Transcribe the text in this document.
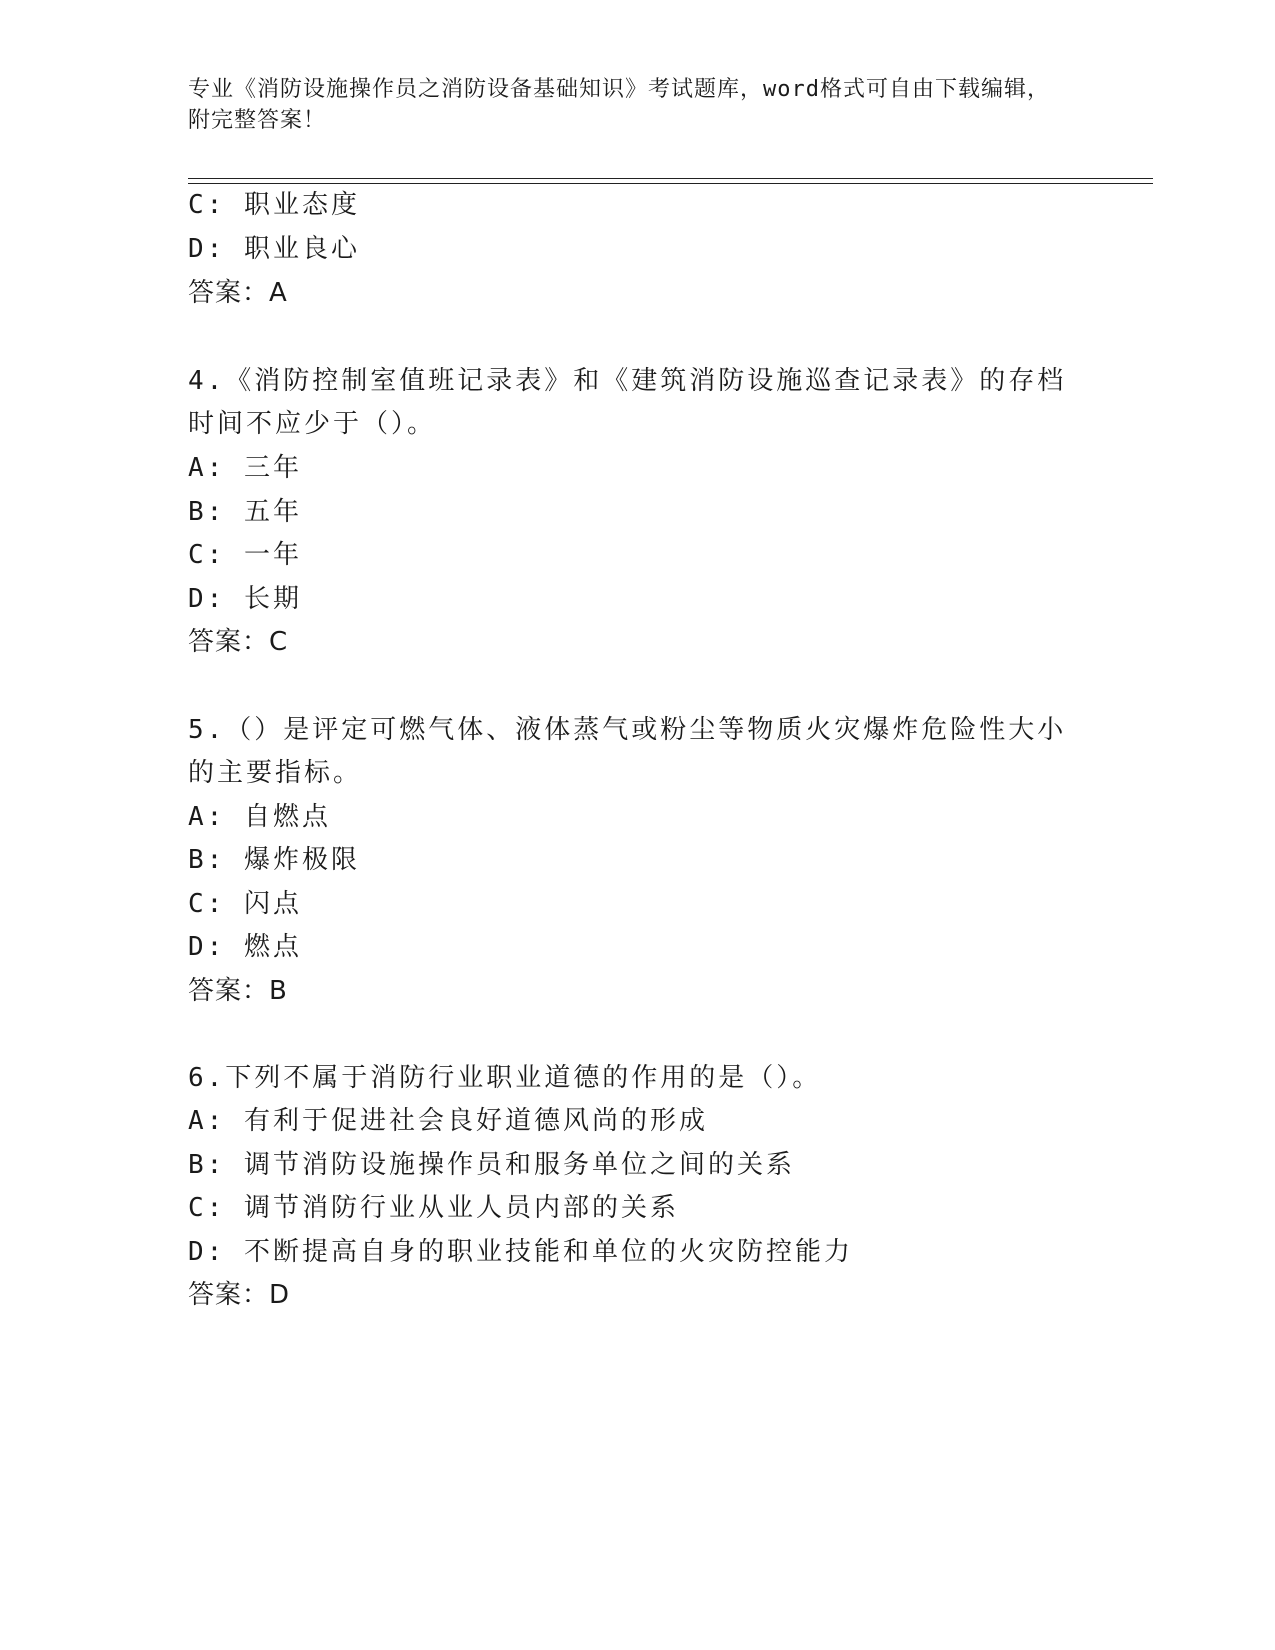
专业《消防设施操作员之消防设备基础知识》考试题库，word格式可自由下载编辑，附完整答案！
C: 职业态度
D: 职业良心
答案：A
4.《消防控制室值班记录表》和《建筑消防设施巡查记录表》的存档
时间不应少于（）。
A: 三年
B: 五年
C: 一年
D: 长期
答案：C
5.（）是评定可燃气体、液体蒸气或粉尘等物质火灾爆炸危险性大小
的主要指标。
A: 自燃点
B: 爆炸极限
C: 闪点
D: 燃点
答案：B
6.下列不属于消防行业职业道德的作用的是（）。
A: 有利于促进社会良好道德风尚的形成
B: 调节消防设施操作员和服务单位之间的关系
C: 调节消防行业从业人员内部的关系
D: 不断提高自身的职业技能和单位的火灾防控能力
答案：D
